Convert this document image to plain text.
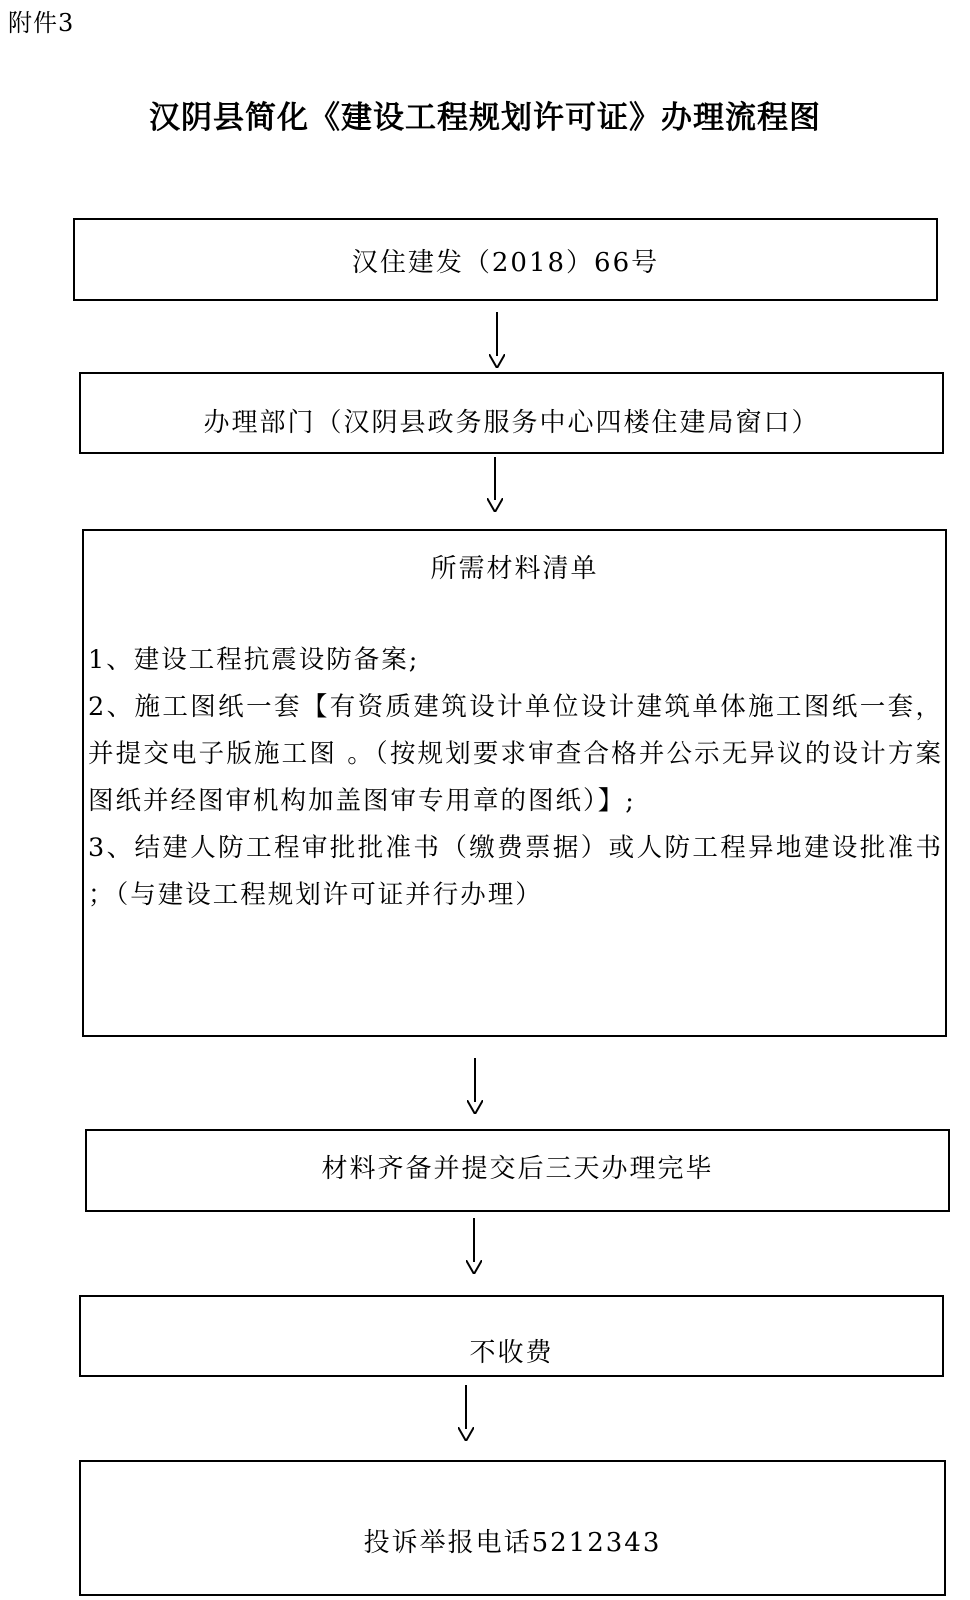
附件3
汉阴县简化《建设工程规划许可证》办理流程图
汉住建发（2018）66号
办理部门（汉阴县政务服务中心四楼住建局窗口）
所需材料清单
1、建设工程抗震设防备案;
2、施工图纸一套【有资质建筑设计单位设计建筑单体施工图纸一套，并提交电子版施工图 。（按规划要求审查合格并公示无异议的设计方案图纸并经图审机构加盖图审专用章的图纸）】;
3、结建人防工程审批批准书（缴费票据）或人防工程异地建设批准书 ；（与建设工程规划许可证并行办理）
材料齐备并提交后三天办理完毕
不收费
投诉举报电话5212343
